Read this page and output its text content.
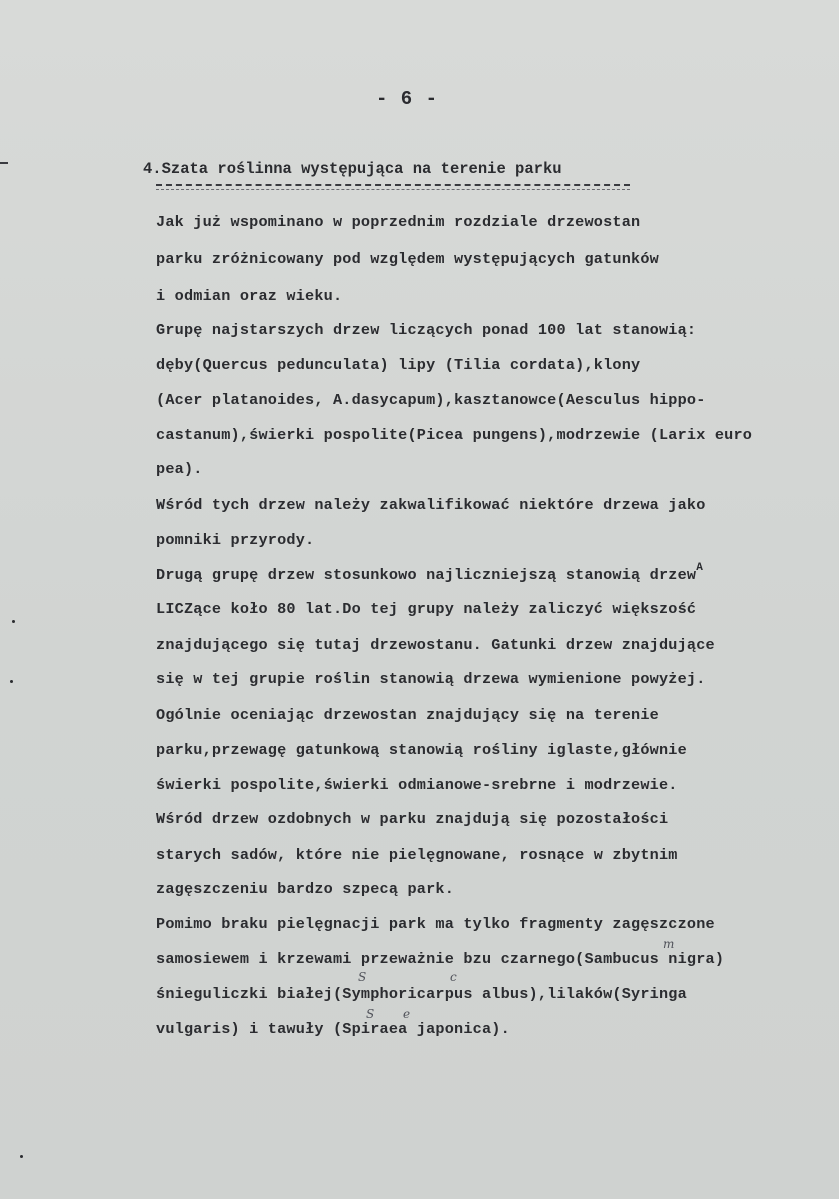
- 6 -
4.Szata roślinna występująca na terenie parku
Jak już wspominano w poprzednim rozdziale drzewostan
parku zróżnicowany pod względem występujących gatunków
i odmian oraz wieku.
Grupę najstarszych drzew liczących ponad 100 lat stanowią:
dęby(Quercus pedunculata) lipy (Tilia cordata),klony
(Acer platanoides, A.dasycapum),kasztanowce(Aesculus hippo-
castanum),świerki pospolite(Picea pungens),modrzewie (Larix euro
pea).
Wśród tych drzew należy zakwalifikować niektóre drzewa jako
pomniki przyrody.
Drugą grupę drzew stosunkowo najliczniejszą stanowią drzew$^A$
LICZące koło 80 lat.Do tej grupy należy zaliczyć większość
znajdującego się tutaj drzewostanu. Gatunki drzew znajdujące
się w tej grupie roślin stanowią drzewa wymienione powyżej.
Ogólnie oceniając drzewostan znajdujący się na terenie
parku,przewagę gatunkową stanowią rośliny iglaste,głównie
świerki pospolite,świerki odmianowe-srebrne i modrzewie.
Wśród drzew ozdobnych w parku znajdują się pozostałości
starych sadów, które nie pielęgnowane, rosnące w zbytnim
zagęszczeniu bardzo szpecą park.
Pomimo braku pielęgnacji park ma tylko fragmenty zagęszczone
samosiewem i krzewami przeważnie bzu czarnego(Sambucus nigra)
śnieguliczki białej(Symphoricarpus albus),lilaków(Syringa
vulgaris) i tawuły (Spiraea japonica).
m
S	c
S e
